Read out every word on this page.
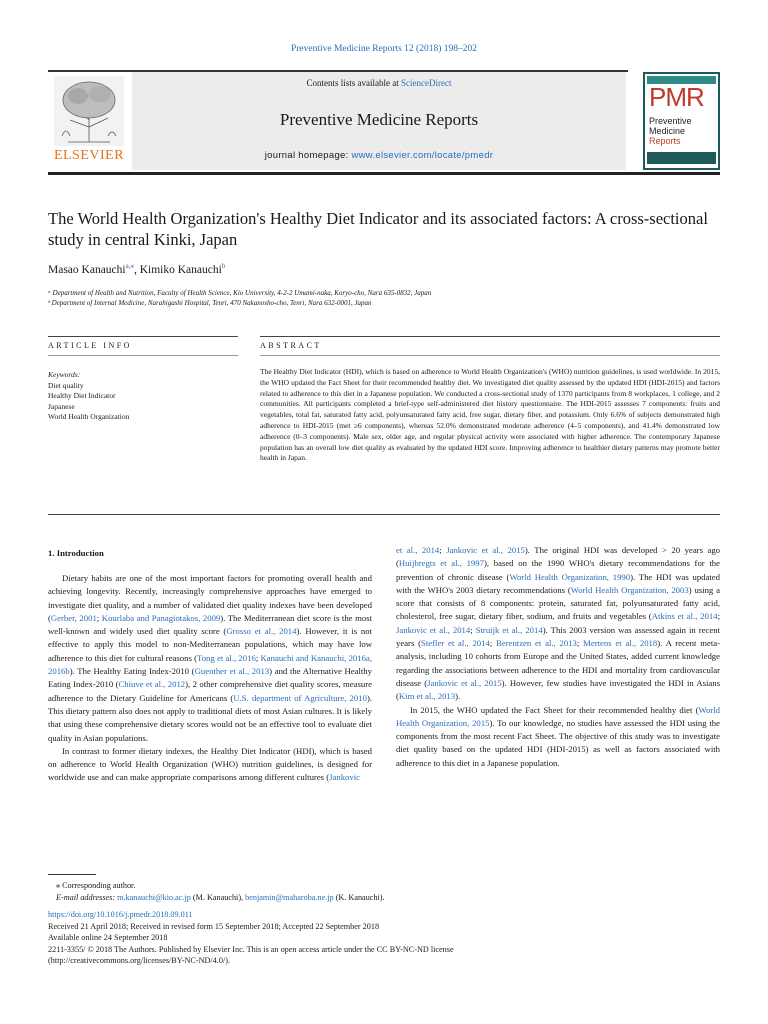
Preventive Medicine Reports 12 (2018) 198–202
ELSEVIER
Contents lists available at ScienceDirect
Preventive Medicine Reports
journal homepage: www.elsevier.com/locate/pmedr
PMR
Preventive
Medicine
Reports
The World Health Organization's Healthy Diet Indicator and its associated factors: A cross-sectional study in central Kinki, Japan
Masao Kanauchi$^{a,⁎}$, Kimiko Kanauchi$^b$
ᵃ Department of Health and Nutrition, Faculty of Health Science, Kio University, 4-2-2 Umami-naka, Koryo-cho, Nara 635-0832, Japan
ᵇ Department of Internal Medicine, Narahigashi Hospital, Tenri, 470 Nakanosho-cho, Tenri, Nara 632-0001, Japan
ARTICLE INFO	ABSTRACT
Keywords:
Diet quality
Healthy Diet Indicator
Japanese
World Health Organization
The Healthy Diet Indicator (HDI), which is based on adherence to World Health Organization's (WHO) nutrition guidelines, is used worldwide. In 2015, the WHO updated the Fact Sheet for their recommended healthy diet. We investigated diet quality assessed by the updated HDI (HDI-2015) and factors related to adherence to this diet in a Japanese population. We conducted a cross-sectional study of 1370 participants from 8 workplaces, 1 college, and 2 communities. All participants completed a brief-type self-administered diet history questionnaire. The HDI-2015 assesses 7 components: fruits and vegetables, total fat, saturated fatty acid, polyunsaturated fatty acid, free sugar, dietary fiber, and potassium. Only 6.6% of subjects demonstrated high adherence to HDI-2015 (met ≥6 components), whereas 52.0% demonstrated moderate adherence (4–5 components), and 41.4% demonstrated low adherence (0–3 components). Male sex, older age, and regular physical activity were associated with higher adherence. The contemporary Japanese population has an overall low diet quality as evaluated by the updated HDI score. Improving adherence to healthier dietary patterns may promote better health in Japan.
1. Introduction

Dietary habits are one of the most important factors for promoting overall health and achieving longevity. Recently, increasingly comprehensive approaches have emerged to investigate diet quality, and a number of validated diet quality indexes have been developed (Gerber, 2001; Kourlaba and Panagiotakos, 2009). The Mediterranean diet score is the most well-known and widely used diet quality score (Grosso et al., 2014). However, it is not effective to apply this model to non-Mediterranean populations, which may have low adherence to this diet for cultural reasons (Tong et al., 2016; Kanauchi and Kanauchi, 2016a, 2016b). The Healthy Eating Index-2010 (Guenther et al., 2013) and the Alternative Healthy Eating Index-2010 (Chiuve et al., 2012), 2 other comprehensive diet quality scores, measure adherence to the Dietary Guideline for Americans (U.S. department of Agriculture, 2010). This dietary pattern also does not apply to traditional diets of most Asian cultures. It is likely that using these comprehensive dietary scores would not be an effective tool to evaluate diet quality in Asian populations.

In contrast to former dietary indexes, the Healthy Diet Indicator (HDI), which is based on adherence to World Health Organization (WHO) nutrition guidelines, is designed for worldwide use and can make appropriate comparisons among different cultures (Jankovic

et al., 2014; Jankovic et al., 2015). The original HDI was developed > 20 years ago (Huijbregts et al., 1997), based on the 1990 WHO's dietary recommendations for the prevention of chronic disease (World Health Organization, 1990). The HDI was updated with the WHO's 2003 dietary recommendations (World Health Organization, 2003) using a score that consists of 8 components: protein, saturated fat, polyunsaturated fatty acid, cholesterol, free sugar, dietary fiber, sodium, and fruits and vegetables (Atkins et al., 2014; Jankovic et al., 2014; Struijk et al., 2014). This 2003 version was assessed again in recent years (Stefler et al., 2014; Berentzen et al., 2013; Mertens et al., 2018). A recent meta-analysis, including 10 cohorts from Europe and the United States, added current knowledge regarding the associations between adherence to the HDI and mortality from cardiovascular disease (Jankovic et al., 2015). However, few studies have investigated the HDI in Asians (Kim et al., 2013).

In 2015, the WHO updated the Fact Sheet for their recommended healthy diet (World Health Organization, 2015). To our knowledge, no studies have assessed the HDI using the components from the most recent Fact Sheet. The objective of this study was to investigate diet quality based on the updated HDI (HDI-2015) as well as factors associated with adherence to this diet in a Japanese population.

⁎ Corresponding author.
E-mail addresses: m.kanauchi@kio.ac.jp (M. Kanauchi), benjamin@maharoba.ne.jp (K. Kanauchi).
https://doi.org/10.1016/j.pmedr.2018.09.011
Received 21 April 2018; Received in revised form 15 September 2018; Accepted 22 September 2018
Available online 24 September 2018
2211-3355/ © 2018 The Authors. Published by Elsevier Inc. This is an open access article under the CC BY-NC-ND license
(http://creativecommons.org/licenses/BY-NC-ND/4.0/).
